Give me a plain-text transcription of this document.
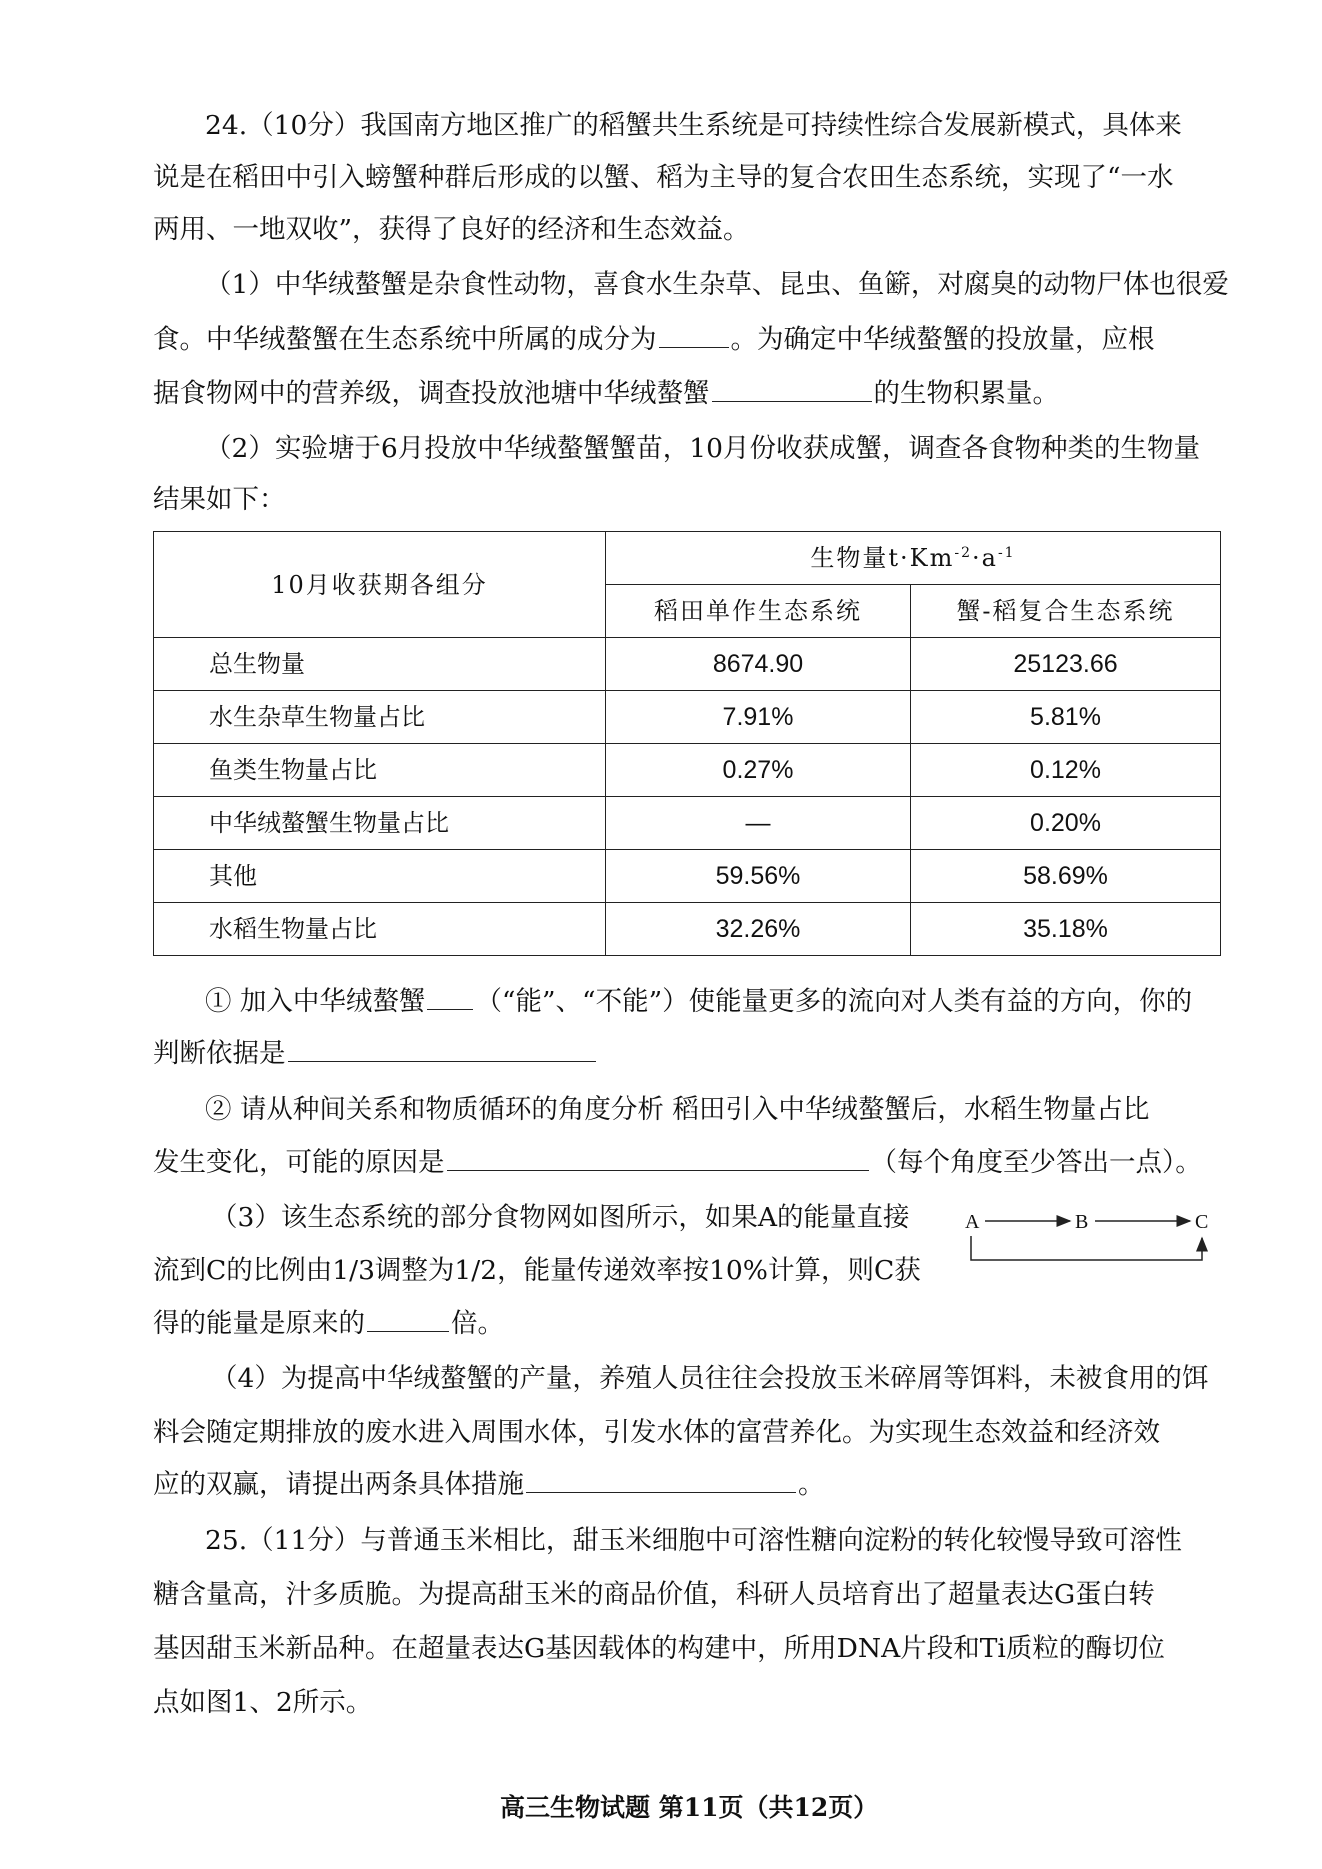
24.（10分）我国南方地区推广的稻蟹共生系统是可持续性综合发展新模式，具体来
说是在稻田中引入螃蟹种群后形成的以蟹、稻为主导的复合农田生态系统，实现了“一水
两用、一地双收”，获得了良好的经济和生态效益。
（1）中华绒螯蟹是杂食性动物，喜食水生杂草、昆虫、鱼簖，对腐臭的动物尸体也很爱
食。中华绒螯蟹在生态系统中所属的成分为	。为确定中华绒螯蟹的投放量，应根
据食物网中的营养级，调查投放池塘中华绒螯蟹	的生物积累量。
（2）实验塘于6月投放中华绒螯蟹蟹苗，10月份收获成蟹，调查各食物种类的生物量
结果如下：
10月收获期各组分	生物量$t\cdot Km^{-2}\cdot a^{-1}$
	稻田单作生态系统	蟹-稻复合生态系统
总生物量	8674.90	25123.66
水生杂草生物量占比	7.91%	5.81%
鱼类生物量占比	0.27%	0.12%
中华绒螯蟹生物量占比	—	0.20%
其他	59.56%	58.69%
水稻生物量占比	32.26%	35.18%
① 加入中华绒螯蟹 （“能”、“不能”）使能量更多的流向对人类有益的方向，你的
判断依据是
② 请从种间关系和物质循环的角度分析 稻田引入中华绒螯蟹后，水稻生物量占比
发生变化，可能的原因是	（每个角度至少答出一点）。
（3）该生态系统的部分食物网如图所示，如果A的能量直接
流到C的比例由1/3调整为1/2，能量传递效率按10%计算，则C获
得的能量是原来的	倍。
A	B	C
（4）为提高中华绒螯蟹的产量，养殖人员往往会投放玉米碎屑等饵料，未被食用的饵
料会随定期排放的废水进入周围水体，引发水体的富营养化。为实现生态效益和经济效
应的双赢，请提出两条具体措施	。
25.（11分）与普通玉米相比，甜玉米细胞中可溶性糖向淀粉的转化较慢导致可溶性
糖含量高，汁多质脆。为提高甜玉米的商品价值，科研人员培育出了超量表达G蛋白转
基因甜玉米新品种。在超量表达G基因载体的构建中，所用DNA片段和Ti质粒的酶切位
点如图1、2所示。
高三生物试题 第11页（共12页）
